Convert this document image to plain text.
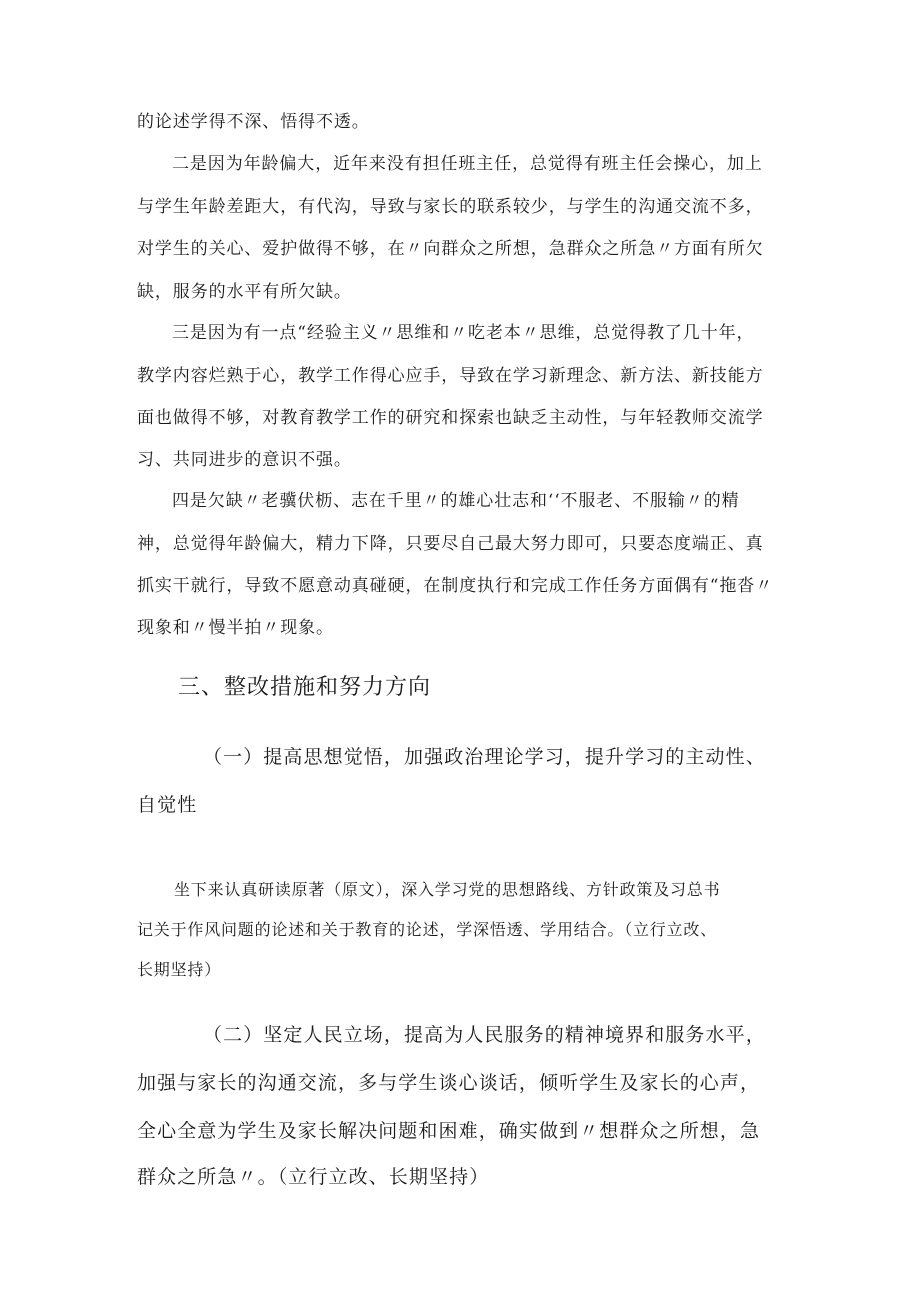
的论述学得不深、悟得不透。
二是因为年龄偏大，近年来没有担任班主任，总觉得有班主任会操心，加上
与学生年龄差距大，有代沟，导致与家长的联系较少，与学生的沟通交流不多，
对学生的关心、爱护做得不够，在〃向群众之所想，急群众之所急〃方面有所欠
缺，服务的水平有所欠缺。
三是因为有一点“经验主义〃思维和〃吃老本〃思维，总觉得教了几十年，
教学内容烂熟于心，教学工作得心应手，导致在学习新理念、新方法、新技能方
面也做得不够，对教育教学工作的研究和探索也缺乏主动性，与年轻教师交流学
习、共同进步的意识不强。
四是欠缺〃老骥伏枥、志在千里〃的雄心壮志和‘‘不服老、不服输〃的精
神，总觉得年龄偏大，精力下降，只要尽自己最大努力即可，只要态度端正、真
抓实干就行，导致不愿意动真碰硬，在制度执行和完成工作任务方面偶有“拖沓〃
现象和〃慢半拍〃现象。
三、整改措施和努力方向
（一）提高思想觉悟，加强政治理论学习，提升学习的主动性、
自觉性
坐下来认真研读原著（原文），深入学习党的思想路线、方针政策及习总书
记关于作风问题的论述和关于教育的论述，学深悟透、学用结合。（立行立改、
长期坚持）
（二）坚定人民立场，提高为人民服务的精神境界和服务水平，
加强与家长的沟通交流，多与学生谈心谈话，倾听学生及家长的心声，
全心全意为学生及家长解决问题和困难，确实做到〃想群众之所想，急
群众之所急〃。（立行立改、长期坚持）
